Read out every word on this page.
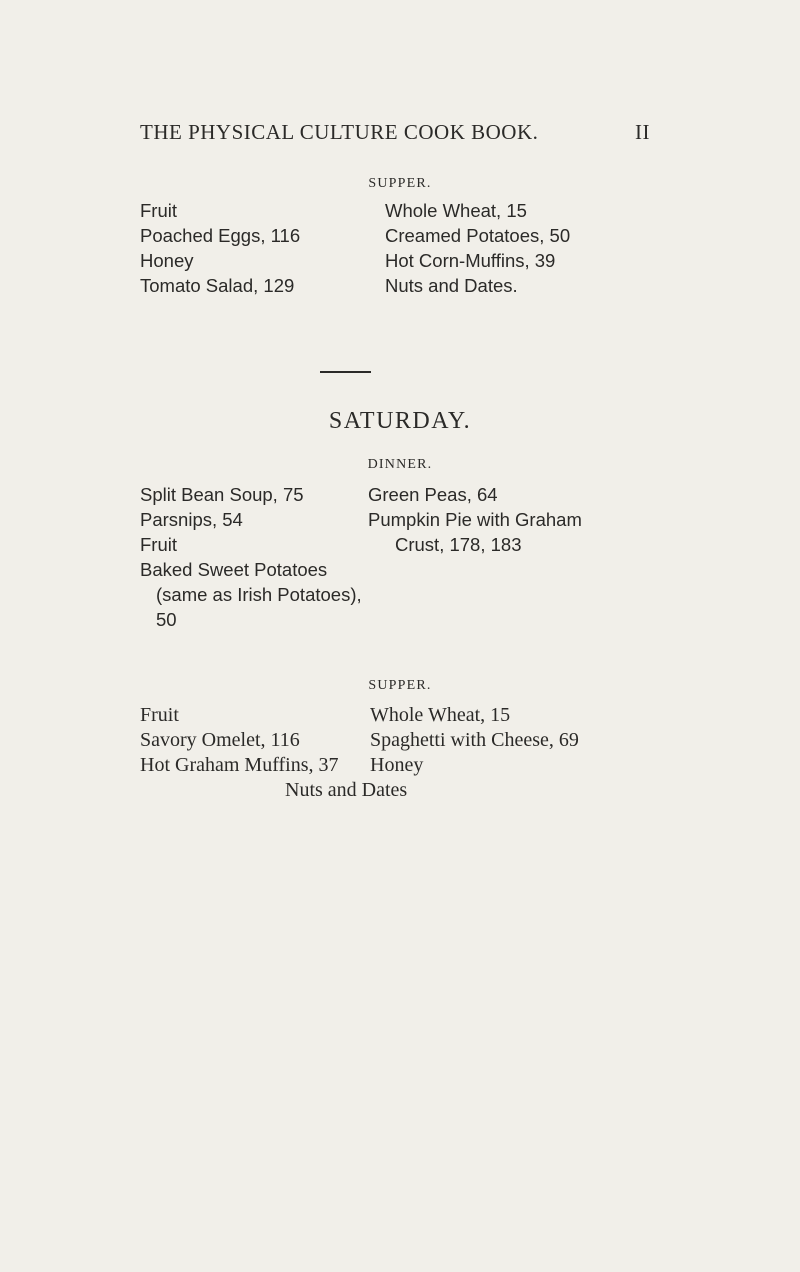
THE PHYSICAL CULTURE COOK BOOK.	II
SUPPER.
Fruit
Poached Eggs, 116
Honey
Tomato Salad, 129
Whole Wheat, 15
Creamed Potatoes, 50
Hot Corn-Muffins, 39
Nuts and Dates.
SATURDAY.
DINNER.
Split Bean Soup, 75
Parsnips, 54
Fruit
Baked Sweet Potatoes
(same as Irish Potatoes),
50
Green Peas, 64
Pumpkin Pie with Graham
Crust, 178, 183
SUPPER.
Fruit
Savory Omelet, 116
Hot Graham Muffins, 37
Whole Wheat, 15
Spaghetti with Cheese, 69
Honey
Nuts and Dates
